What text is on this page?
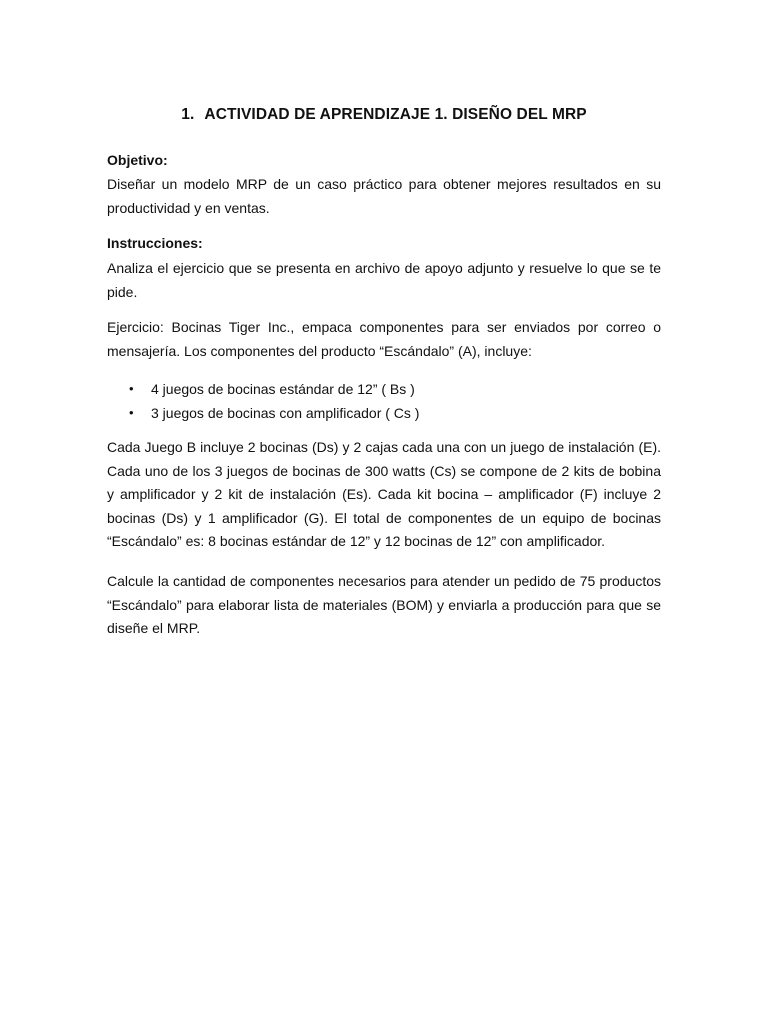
1. ACTIVIDAD DE APRENDIZAJE 1. DISEÑO DEL MRP

Objetivo:

Diseñar un modelo MRP de un caso práctico para obtener mejores resultados en su productividad y en ventas.

Instrucciones:

Analiza el ejercicio que se presenta en archivo de apoyo adjunto y resuelve lo que se te pide.

Ejercicio: Bocinas Tiger Inc., empaca componentes para ser enviados por correo o mensajería. Los componentes del producto “Escándalo” (A), incluye:

• 4 juegos de bocinas estándar de 12” ( Bs )
• 3 juegos de bocinas con amplificador ( Cs )

Cada Juego B incluye 2 bocinas (Ds) y 2 cajas cada una con un juego de instalación (E). Cada uno de los 3 juegos de bocinas de 300 watts (Cs) se compone de 2 kits de bobina y amplificador y 2 kit de instalación (Es). Cada kit bocina – amplificador (F) incluye 2 bocinas (Ds) y 1 amplificador (G). El total de componentes de un equipo de bocinas “Escándalo” es: 8 bocinas estándar de 12” y 12 bocinas de 12” con amplificador.

Calcule la cantidad de componentes necesarios para atender un pedido de 75 productos “Escándalo” para elaborar lista de materiales (BOM) y enviarla a producción para que se diseñe el MRP.
